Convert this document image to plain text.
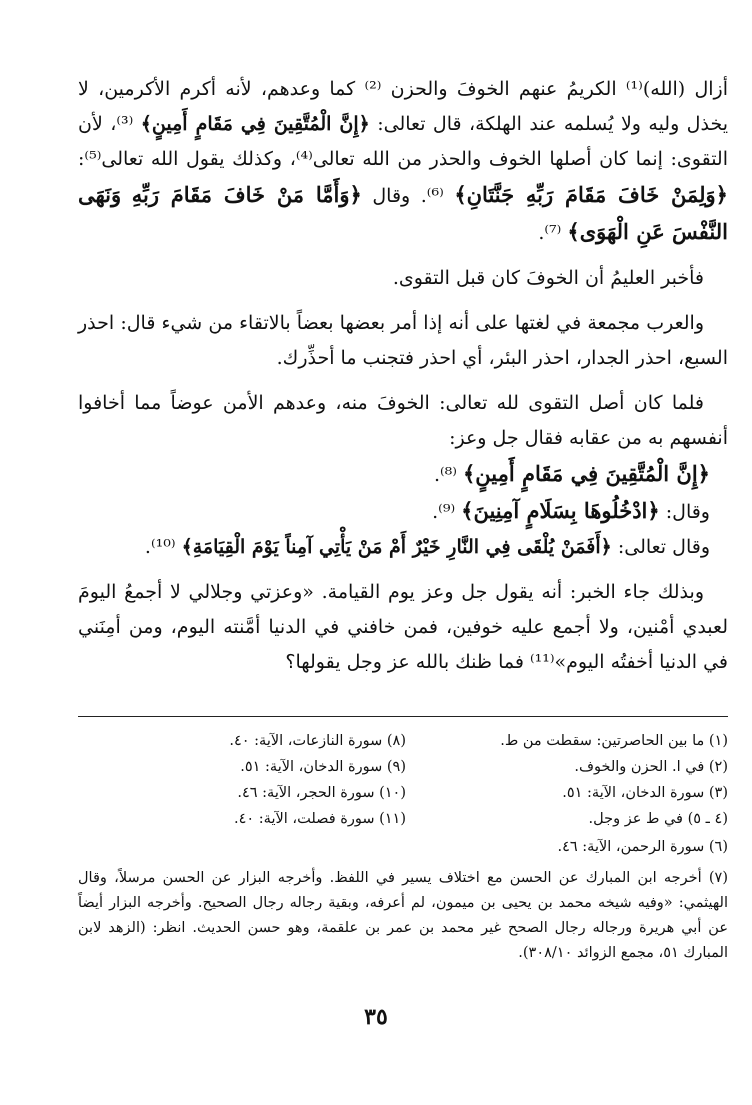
أزال (الله)⁽¹⁾ الكريمُ عنهم الخوفَ والحزن ⁽²⁾ كما وعدهم، لأنه أكرم الأكرمين، لا يخذل وليه ولا يُسلمه عند الهلكة، قال تعالى: ﴿إِنَّ الْمُتَّقِينَ فِي مَقَامٍ أَمِينٍ﴾ ⁽³⁾، لأن التقوى: إنما كان أصلها الخوف والحذر من الله تعالى⁽⁴⁾، وكذلك يقول الله تعالى⁽⁵⁾: ﴿وَلِمَنْ خَافَ مَقَامَ رَبِّهِ جَنَّتَانِ﴾ ⁽⁶⁾. وقال ﴿وَأَمَّا مَنْ خَافَ مَقَامَ رَبِّهِ وَنَهَى النَّفْسَ عَنِ الْهَوَى﴾ ⁽⁷⁾.

فأخبر العليمُ أن الخوفَ كان قبل التقوى.

والعرب مجمعة في لغتها على أنه إذا أمر بعضها بعضاً بالاتقاء من شيء قال: احذر السبع، احذر الجدار، احذر البئر، أي احذر فتجنب ما أحذِّرك.

فلما كان أصل التقوى لله تعالى: الخوفَ منه، وعدهم الأمن عوضاً مما أخافوا أنفسهم به من عقابه فقال جل وعز:

﴿إِنَّ الْمُتَّقِينَ فِي مَقَامٍ أَمِينٍ﴾ ⁽⁸⁾.

وقال: ﴿ادْخُلُوهَا بِسَلَامٍ آمِنِينَ﴾ ⁽⁹⁾.

وقال تعالى: ﴿أَفَمَنْ يُلْقَى فِي النَّارِ خَيْرٌ أَمْ مَنْ يَأْتِي آمِناً يَوْمَ الْقِيَامَةِ﴾ ⁽¹⁰⁾.

وبذلك جاء الخبر: أنه يقول جل وعز يوم القيامة. «وعزتي وجلالي لا أجمعُ اليومَ لعبدي أمْنين، ولا أجمع عليه خوفين، فمن خافني في الدنيا أمَّنته اليوم، ومن أمِنَني في الدنيا أخفتُه اليوم»⁽¹¹⁾ فما ظنك بالله عز وجل يقولها؟

(١) ما بين الحاصرتين: سقطت من ط.
(٨) سورة النازعات، الآية: ٤٠.
(٢) في ا. الحزن والخوف.
(٩) سورة الدخان، الآية: ٥١.
(٣) سورة الدخان، الآية: ٥١.
(١٠) سورة الحجر، الآية: ٤٦.
(٤ ـ ٥) في ط عز وجل.
(١١) سورة فصلت، الآية: ٤٠.
(٦) سورة الرحمن، الآية: ٤٦.
(٧) أخرجه ابن المبارك عن الحسن مع اختلاف يسير في اللفظ. وأخرجه البزار عن الحسن مرسلاً، وقال الهيثمي: «وفيه شيخه محمد بن يحيى بن ميمون، لم أعرفه، وبقية رجاله رجال الصحيح. وأخرجه البزار أيضاً عن أبي هريرة ورجاله رجال الصحح غير محمد بن عمر بن علقمة، وهو حسن الحديث. انظر: (الزهد لابن المبارك ٥١، مجمع الزوائد ٣٠٨/١٠).
٣٥
